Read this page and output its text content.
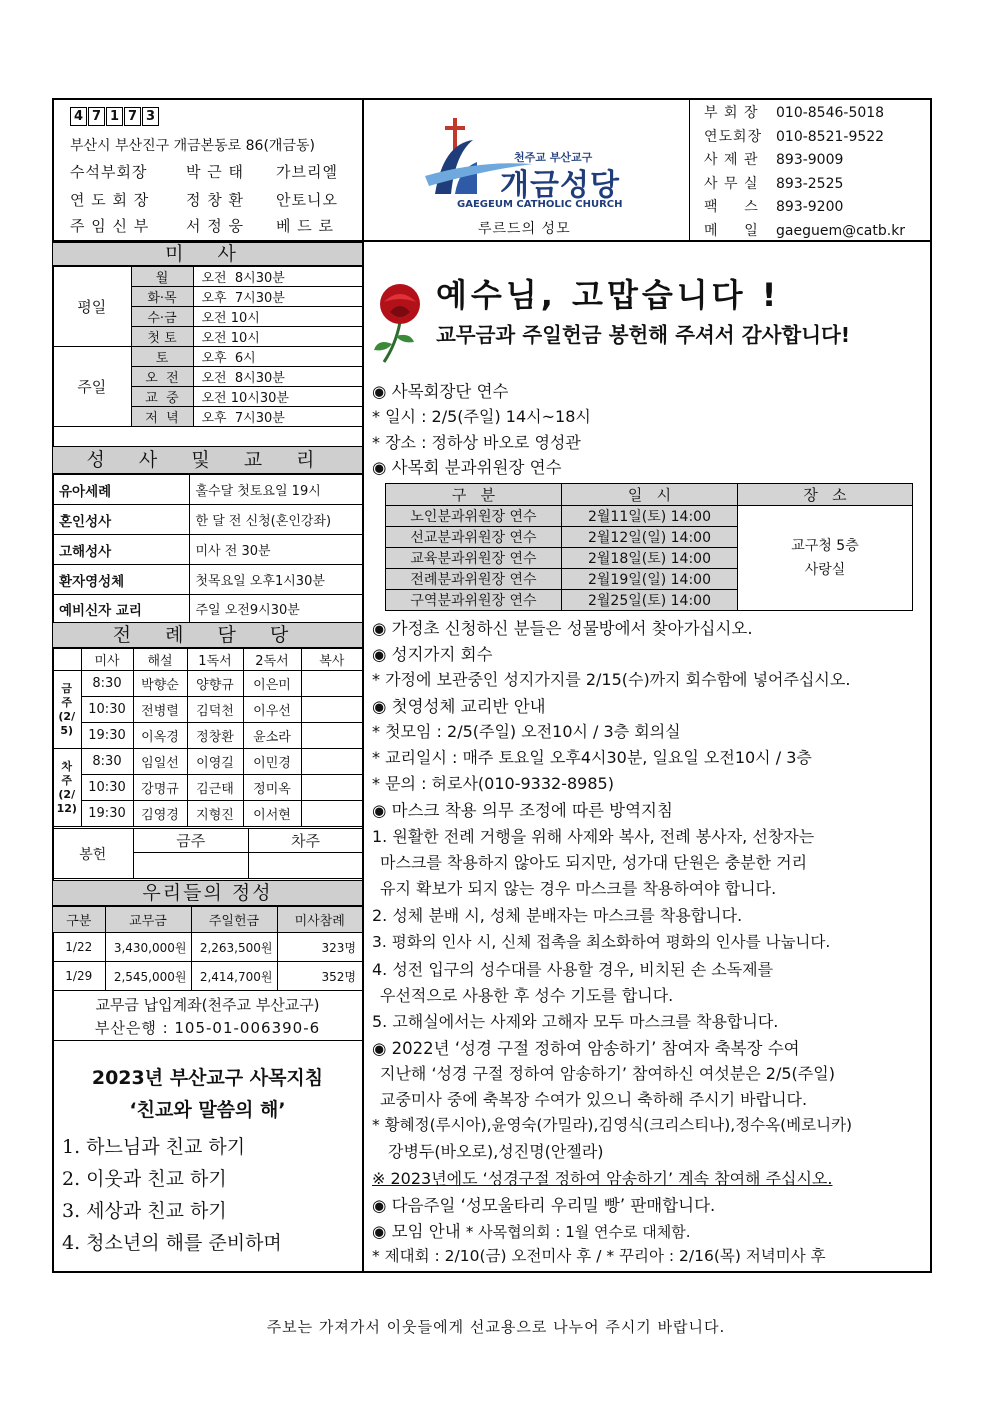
4 7 1 7 3
부산시 부산진구 개금본동로 86(개금동)
수석부회장	박 근 태 가브리엘
연 도 회 장 정 창 환 안토니오
주 임 신 부 서 정 웅 베 드 로
천주교 부산교구
개금성당
GAEGEUM CATHOLIC CHURCH
루르드의 성모
부 회 장 010-8546-5018
연도회장 010-8521-9522
사 제 관 893-9009
사 무 실 893-2525
팩      스 893-9200
메      일 gaeguem@catb.kr
미 사
평일	월	오전  8시30분
	화·목	오후  7시30분
	수·금	오전 10시
	첫 토	오전 10시
주일	토	오후  6시
	오  전	오전  8시30분
	교  중	오전 10시30분
	저  녁	오후  7시30분
성 사 및 교 리
유아세례	홀수달 첫토요일 19시
혼인성사	한 달 전 신청(혼인강좌)
고해성사	미사 전 30분
환자영성체	첫목요일 오후1시30분
예비신자 교리	주일 오전9시30분
전 례 담 당
	미사	해설	1독서	2독서	복사
금
주
(2/
5)	8:30	박향순	양향규	이은미	
	10:30	전병렬	김덕천	이우선	
	19:30	이옥경	정창환	윤소라	
차
주
(2/
12)	8:30	임일선	이영길	이민경	
	10:30	강명규	김근태	정미옥	
	19:30	김영경	지형진	이서현	
봉헌	금주	차주

우리들의 정성
구분	교무금	주일헌금	미사참례
1/22	3,430,000원	2,263,500원	323명
1/29	2,545,000원	2,414,700원	352명
교무금 납입계좌(천주교 부산교구)
부산은행 : 105-01-006390-6
2023년 부산교구 사목지침
‘친교와 말씀의 해’
1. 하느님과 친교 하기
2. 이웃과 친교 하기
3. 세상과 친교 하기
4. 청소년의 해를 준비하며
예수님, 고맙습니다 !
교무금과 주일헌금 봉헌해 주셔서 감사합니다!
◉ 사목회장단 연수
* 일시 : 2/5(주일) 14시~18시
* 장소 : 정하상 바오로 영성관
◉ 사목회 분과위원장 연수
구   분	일   시	장   소
노인분과위원장 연수	2월11일(토) 14:00	교구청 5층
사랑실

선교분과위원장 연수	2월12일(일) 14:00	
교육분과위원장 연수	2월18일(토) 14:00	
전례분과위원장 연수	2월19일(일) 14:00	
구역분과위원장 연수	2월25일(토) 14:00	
◉ 가정초 신청하신 분들은 성물방에서 찾아가십시오.
◉ 성지가지 회수
* 가정에 보관중인 성지가지를 2/15(수)까지 회수함에 넣어주십시오.
◉ 첫영성체 교리반 안내
* 첫모임 : 2/5(주일) 오전10시 / 3층 회의실
* 교리일시 : 매주 토요일 오후4시30분, 일요일 오전10시 / 3층
* 문의 : 허로사(010-9332-8985)
◉ 마스크 착용 의무 조정에 따른 방역지침
1. 원활한 전례 거행을 위해 사제와 복사, 전례 봉사자, 선창자는
마스크를 착용하지 않아도 되지만, 성가대 단원은 충분한 거리
유지 확보가 되지 않는 경우 마스크를 착용하여야 합니다.
2. 성체 분배 시, 성체 분배자는 마스크를 착용합니다.
3. 평화의 인사 시, 신체 접촉을 최소화하여 평화의 인사를 나눕니다.
4. 성전 입구의 성수대를 사용할 경우, 비치된 손 소독제를
우선적으로 사용한 후 성수 기도를 합니다.
5. 고해실에서는 사제와 고해자 모두 마스크를 착용합니다.
◉ 2022년 ‘성경 구절 정하여 암송하기’ 참여자 축복장 수여
지난해 ‘성경 구절 정하여 암송하기’ 참여하신 여섯분은 2/5(주일)
교중미사 중에 축복장 수여가 있으니 축하해 주시기 바랍니다.
* 황혜정(루시아),윤영숙(가밀라),김영식(크리스티나),정수옥(베로니카)
강병두(바오로),성진명(안젤라)
※ 2023년에도 ‘성경구절 정하여 암송하기’ 계속 참여해 주십시오.
◉ 다음주일 ‘성모울타리 우리밀 빵’ 판매합니다.
◉ 모임 안내 * 사목협의회 : 1월 연수로 대체함.
* 제대회 : 2/10(금) 오전미사 후 / * 꾸리아 : 2/16(목) 저녁미사 후
주보는 가져가서 이웃들에게 선교용으로 나누어 주시기 바랍니다.
